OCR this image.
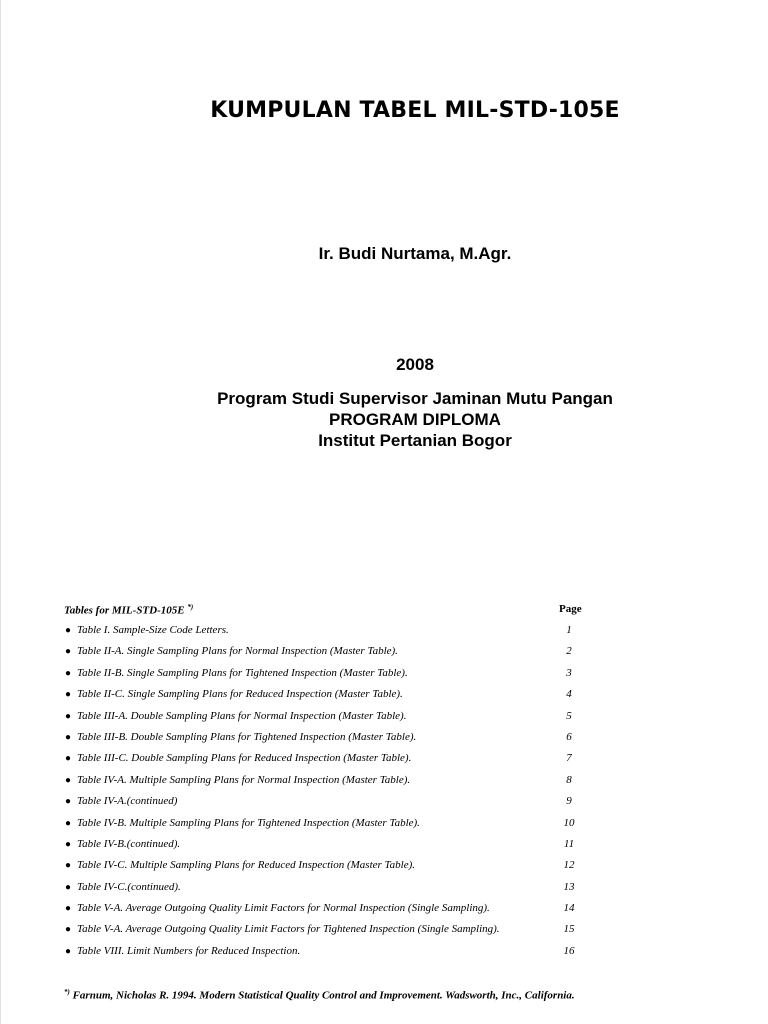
KUMPULAN TABEL MIL-STD-105E
Ir. Budi Nurtama, M.Agr.
2008
Program Studi Supervisor Jaminan Mutu Pangan
PROGRAM DIPLOMA
Institut Pertanian Bogor
Tables for MIL-STD-105E *)	Page
● Table I. Sample-Size Code Letters.	1
● Table II-A. Single Sampling Plans for Normal Inspection (Master Table).	2
● Table II-B. Single Sampling Plans for Tightened Inspection (Master Table).	3
● Table II-C. Single Sampling Plans for Reduced Inspection (Master Table).	4
● Table III-A. Double Sampling Plans for Normal Inspection (Master Table).	5
● Table III-B. Double Sampling Plans for Tightened Inspection (Master Table).	6
● Table III-C. Double Sampling Plans for Reduced Inspection (Master Table).	7
● Table IV-A. Multiple Sampling Plans for Normal Inspection (Master Table).	8
● Table IV-A.(continued)	9
● Table IV-B. Multiple Sampling Plans for Tightened Inspection (Master Table).	10
● Table IV-B.(continued).	11
● Table IV-C. Multiple Sampling Plans for Reduced Inspection (Master Table).	12
● Table IV-C.(continued).	13
● Table V-A. Average Outgoing Quality Limit Factors for Normal Inspection (Single Sampling).	14
● Table V-A. Average Outgoing Quality Limit Factors for Tightened Inspection (Single Sampling).	15
● Table VIII. Limit Numbers for Reduced Inspection.	16
*) Farnum, Nicholas R. 1994. Modern Statistical Quality Control and Improvement. Wadsworth, Inc., California.
